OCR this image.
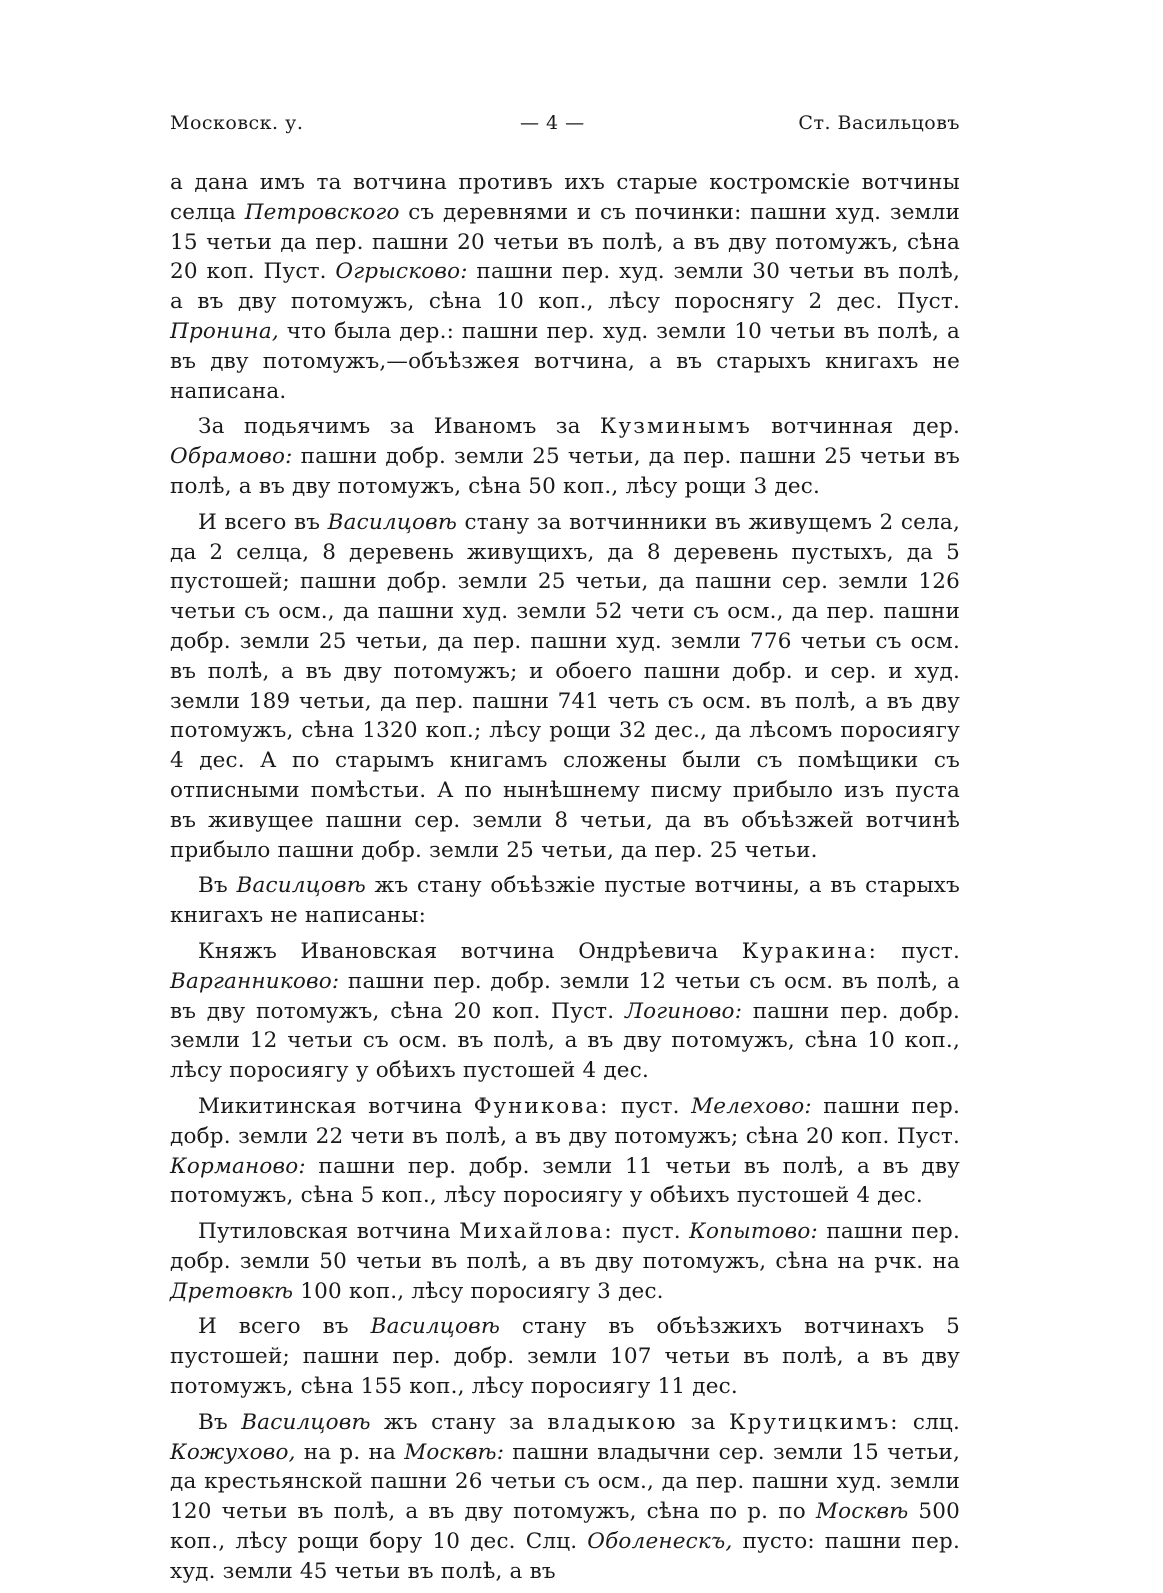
Московск. у.	— 4 —	Ст. Васильцовъ

а дана имъ та вотчина противъ ихъ старые костромскіе вотчины селца Петровского съ деревнями и съ починки: пашни худ. земли 15 четьи да пер. пашни 20 четьи въ полѣ, а въ дву потомужъ, сѣна 20 коп. Пуст. Огрысково: пашни пер. худ. земли 30 четьи въ полѣ, а въ дву потомужъ, сѣна 10 коп., лѣсу пороснягу 2 дес. Пуст. Пронина, что была дер.: пашни пер. худ. земли 10 четьи въ полѣ, а въ дву потомужъ,—объѣзжея вотчина, а въ старыхъ книгахъ не написана.

За подьячимъ за Иваномъ за Кузминымъ вотчинная дер. Обрамово: пашни добр. земли 25 четьи, да пер. пашни 25 четьи въ полѣ, а въ дву потомужъ, сѣна 50 коп., лѣсу рощи 3 дес.

И всего въ Василцовѣ стану за вотчинники въ живущемъ 2 села, да 2 селца, 8 деревень живущихъ, да 8 деревень пустыхъ, да 5 пустошей; пашни добр. земли 25 четьи, да пашни сер. земли 126 четьи съ осм., да пашни худ. земли 52 чети съ осм., да пер. пашни добр. земли 25 четьи, да пер. пашни худ. земли 776 четьи съ осм. въ полѣ, а въ дву потомужъ; и обоего пашни добр. и сер. и худ. земли 189 четьи, да пер. пашни 741 четь съ осм. въ полѣ, а въ дву потомужъ, сѣна 1320 коп.; лѣсу рощи 32 дес., да лѣсомъ поросиягу 4 дес. А по старымъ книгамъ сложены были съ помѣщики съ отписными помѣстьи. А по нынѣшнему писму прибыло изъ пуста въ живущее пашни сер. земли 8 четьи, да въ объѣзжей вотчинѣ прибыло пашни добр. земли 25 четьи, да пер. 25 четьи.

Въ Василцовѣ жъ стану объѣзжіе пустые вотчины, а въ старыхъ книгахъ не написаны:

Княжъ Ивановская вотчина Ондрѣевича Куракина: пуст. Варганниково: пашни пер. добр. земли 12 четьи съ осм. въ полѣ, а въ дву потомужъ, сѣна 20 коп. Пуст. Логиново: пашни пер. добр. земли 12 четьи съ осм. въ полѣ, а въ дву потомужъ, сѣна 10 коп., лѣсу поросиягу у обѣихъ пустошей 4 дес.

Микитинская вотчина Фуникова: пуст. Мелехово: пашни пер. добр. земли 22 чети въ полѣ, а въ дву потомужъ; сѣна 20 коп. Пуст. Корманово: пашни пер. добр. земли 11 четьи въ полѣ, а въ дву потомужъ, сѣна 5 коп., лѣсу поросиягу у обѣихъ пустошей 4 дес.

Путиловская вотчина Михайлова: пуст. Копытово: пашни пер. добр. земли 50 четьи въ полѣ, а въ дву потомужъ, сѣна на рчк. на Дретовкѣ 100 коп., лѣсу поросиягу 3 дес.

И всего въ Василцовѣ стану въ объѣзжихъ вотчинахъ 5 пустошей; пашни пер. добр. земли 107 четьи въ полѣ, а въ дву потомужъ, сѣна 155 коп., лѣсу поросиягу 11 дес.

Въ Василцовѣ жъ стану за владыкою за Крутицкимъ: слц. Кожухово, на р. на Москвѣ: пашни владычни сер. земли 15 четьи, да крестьянской пашни 26 четьи съ осм., да пер. пашни худ. земли 120 четьи въ полѣ, а въ дву потомужъ, сѣна по р. по Москвѣ 500 коп., лѣсу рощи бору 10 дес. Слц. Оболенескъ, пусто: пашни пер. худ. земли 45 четьи въ полѣ, а въ
